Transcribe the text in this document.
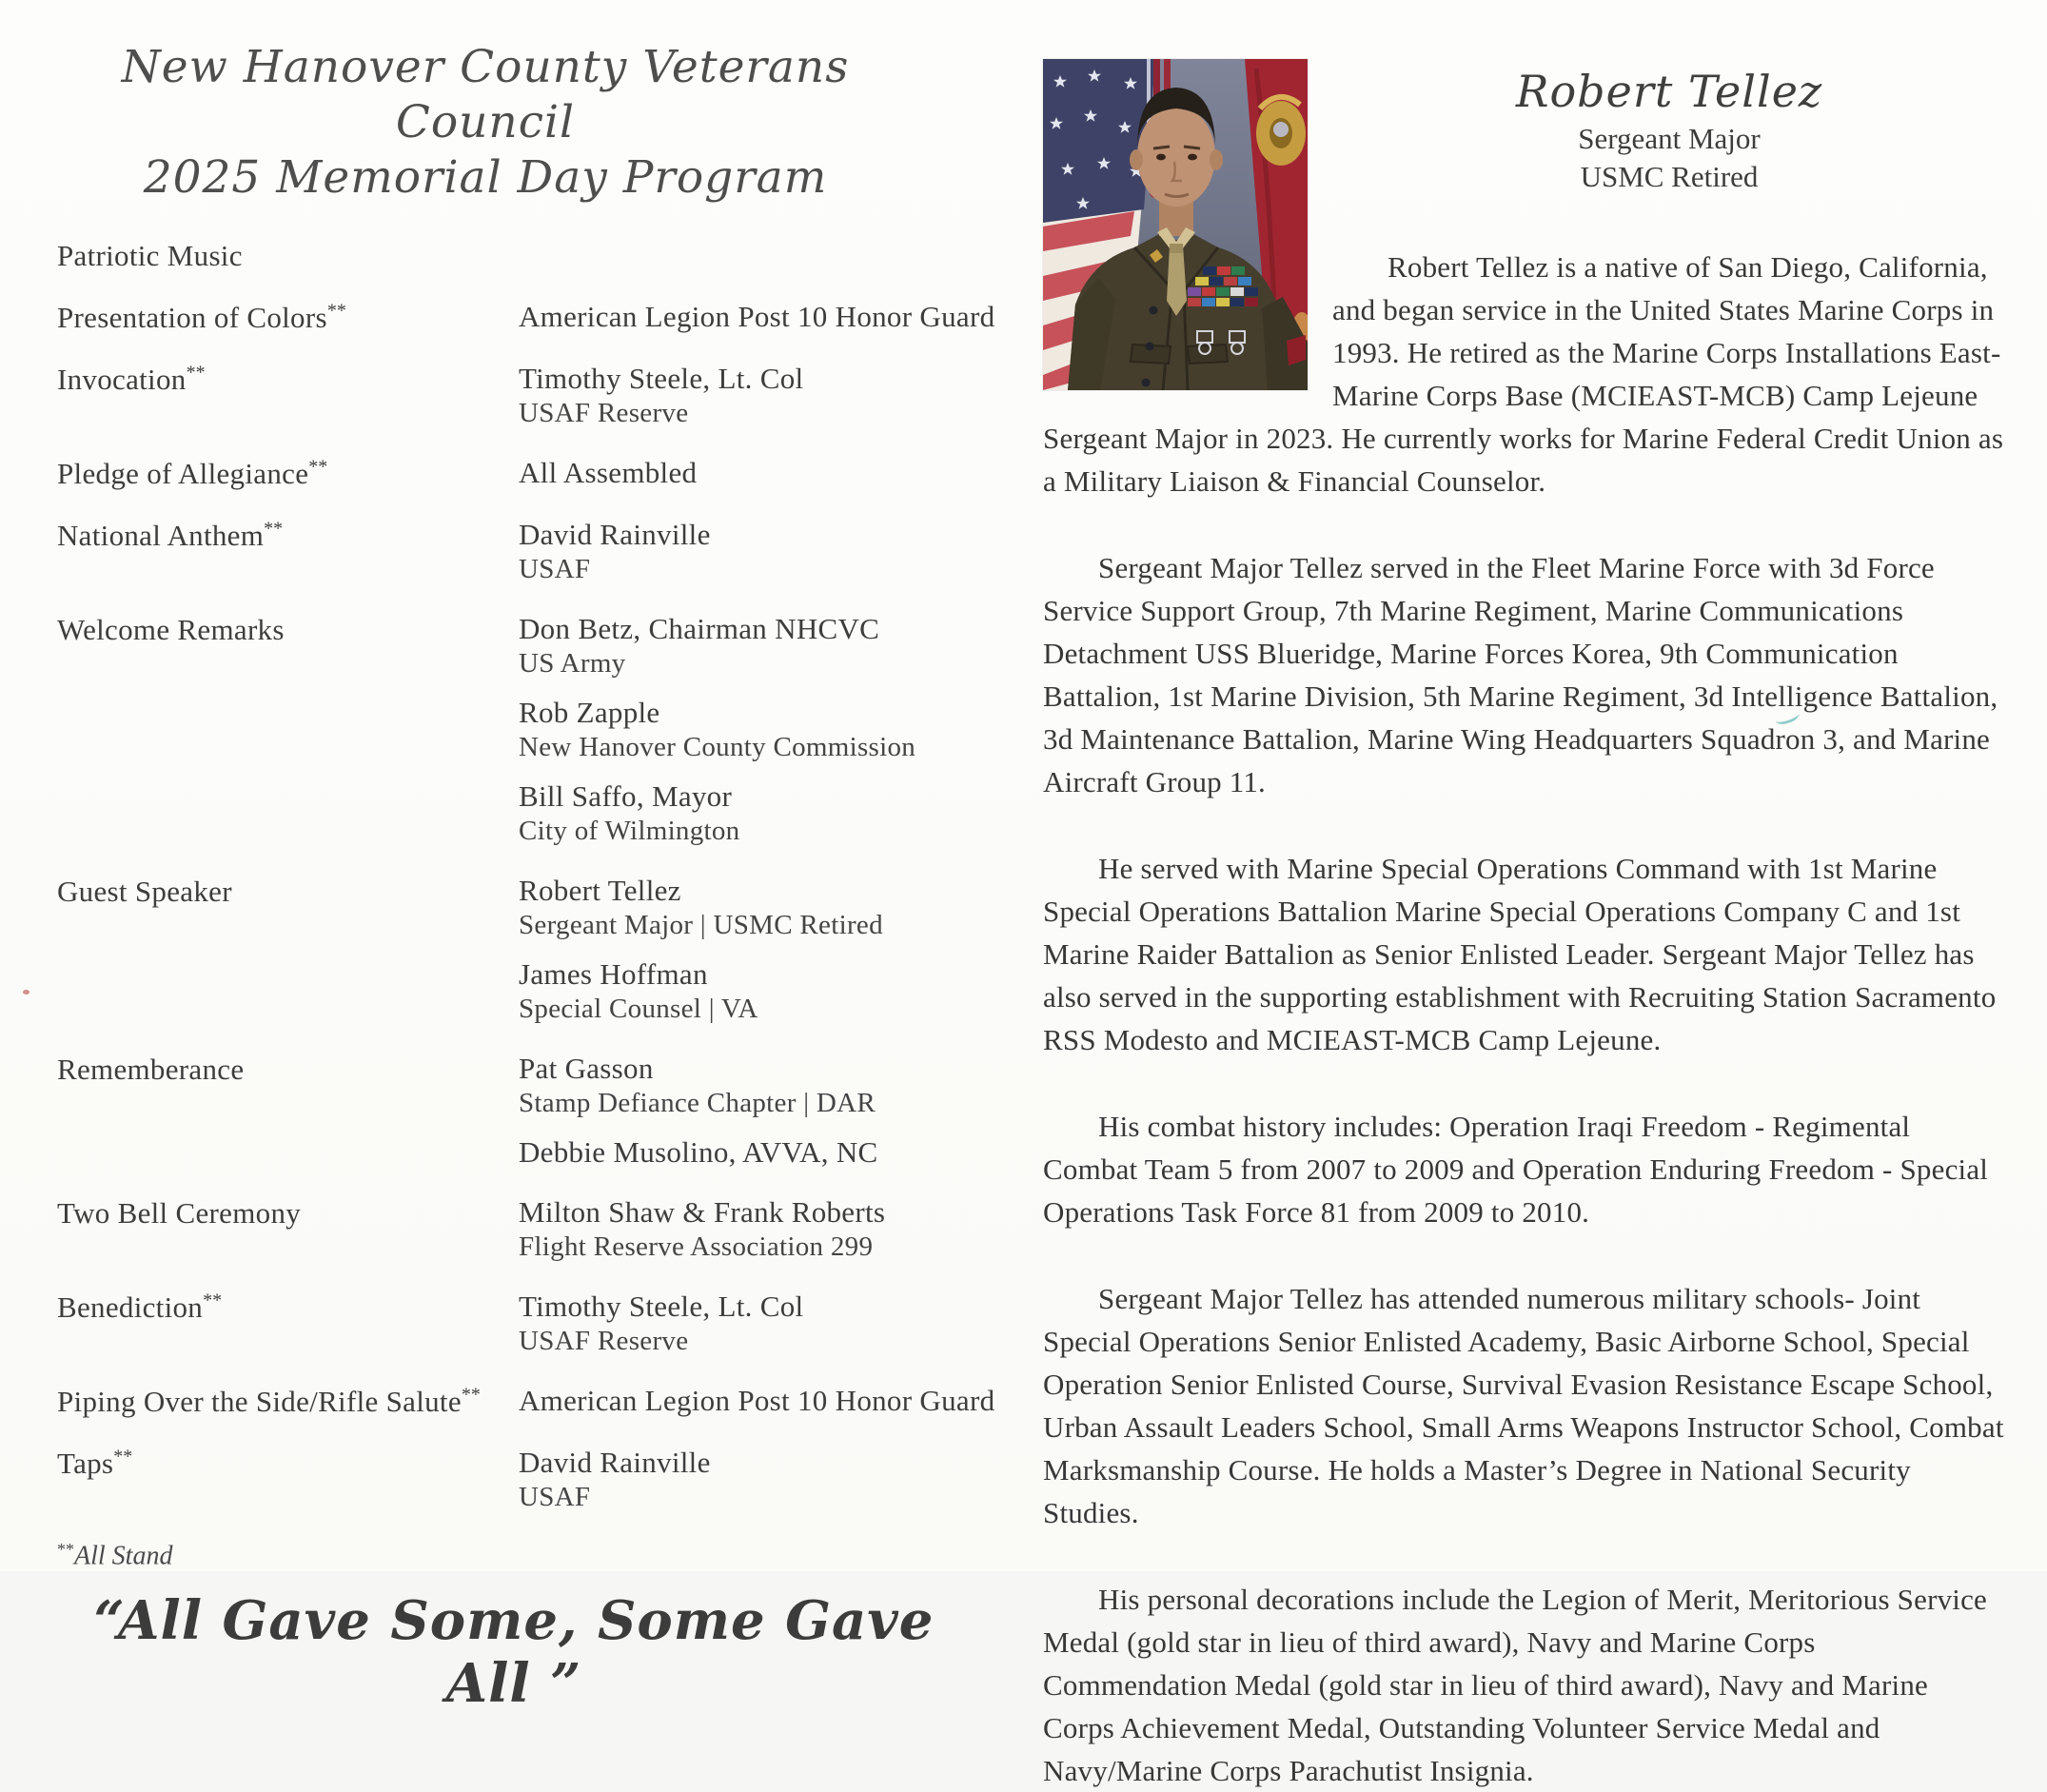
New Hanover County Veterans Council
2025 Memorial Day Program
Patriotic Music
Presentation of Colors**	American Legion Post 10 Honor Guard
Invocation**	Timothy Steele, Lt. Col
USAF Reserve
Pledge of Allegiance**	All Assembled
National Anthem**	David Rainville
USAF
Welcome Remarks	Don Betz, Chairman NHCVC
US Army
Rob Zapple
New Hanover County Commission
Bill Saffo, Mayor
City of Wilmington
Guest Speaker	Robert Tellez
Sergeant Major | USMC Retired
James Hoffman
Special Counsel | VA
Rememberance	Pat Gasson
Stamp Defiance Chapter | DAR
Debbie Musolino, AVVA, NC
Two Bell Ceremony	Milton Shaw & Frank Roberts
Flight Reserve Association 299
Benediction**	Timothy Steele, Lt. Col
USAF Reserve
Piping Over the Side/Rifle Salute**	American Legion Post 10 Honor Guard
Taps**	David Rainville
USAF
**All Stand
“All Gave Some, Some Gave All ”
Robert Tellez
Sergeant Major
USMC Retired

Robert Tellez is a native of San Diego, California, and began service in the United States Marine Corps in 1993. He retired as the Marine Corps Installations East-Marine Corps Base (MCIEAST-MCB) Camp Lejeune Sergeant Major in 2023. He currently works for Marine Federal Credit Union as a Military Liaison & Financial Counselor.

Sergeant Major Tellez served in the Fleet Marine Force with 3d Force Service Support Group, 7th Marine Regiment, Marine Communications Detachment USS Blueridge, Marine Forces Korea, 9th Communication Battalion, 1st Marine Division, 5th Marine Regiment, 3d Intelligence Battalion, 3d Maintenance Battalion, Marine Wing Headquarters Squadron 3, and Marine Aircraft Group 11.

He served with Marine Special Operations Command with 1st Marine Special Operations Battalion Marine Special Operations Company C and 1st Marine Raider Battalion as Senior Enlisted Leader. Sergeant Major Tellez has also served in the supporting establishment with Recruiting Station Sacramento RSS Modesto and MCIEAST-MCB Camp Lejeune.

His combat history includes: Operation Iraqi Freedom - Regimental Combat Team 5 from 2007 to 2009 and Operation Enduring Freedom - Special Operations Task Force 81 from 2009 to 2010.

Sergeant Major Tellez has attended numerous military schools- Joint Special Operations Senior Enlisted Academy, Basic Airborne School, Special Operation Senior Enlisted Course, Survival Evasion Resistance Escape School, Urban Assault Leaders School, Small Arms Weapons Instructor School, Combat Marksmanship Course. He holds a Master’s Degree in National Security Studies.

His personal decorations include the Legion of Merit, Meritorious Service Medal (gold star in lieu of third award), Navy and Marine Corps Commendation Medal (gold star in lieu of third award), Navy and Marine Corps Achievement Medal, Outstanding Volunteer Service Medal and Navy/Marine Corps Parachutist Insignia.
